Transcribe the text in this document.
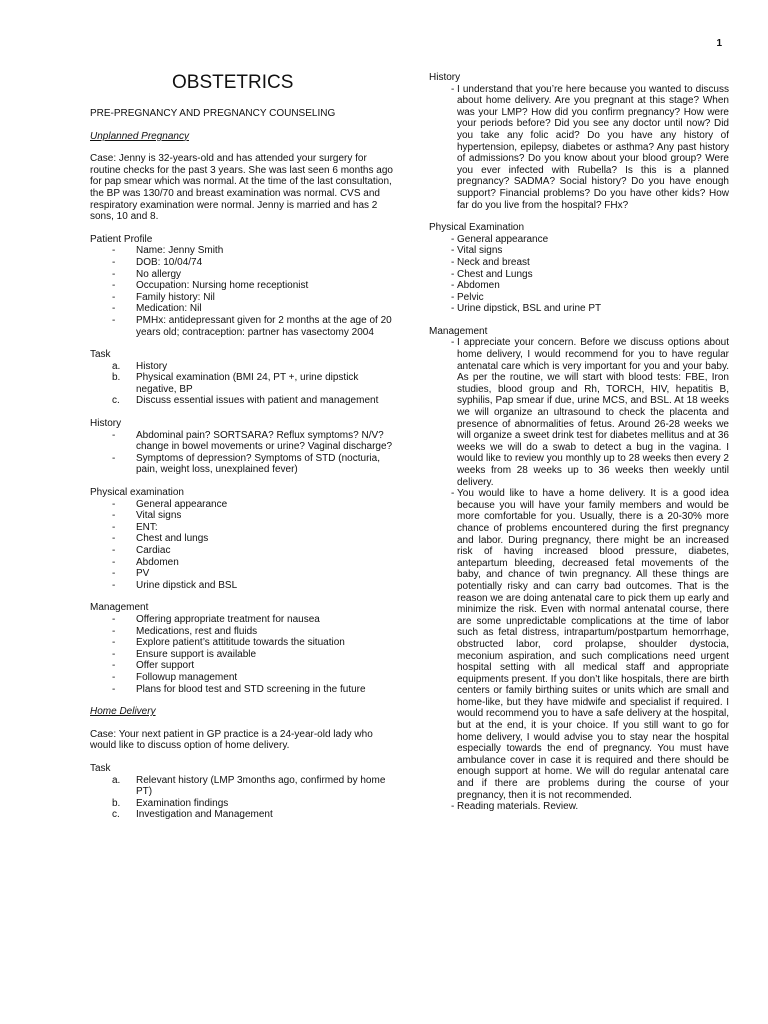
1
OBSTETRICS
PRE-PREGNANCY AND PREGNANCY COUNSELING
Unplanned Pregnancy

Case: Jenny is 32-years-old and has attended your surgery for routine checks for the past 3 years. She was last seen 6 months ago for pap smear which was normal. At the time of the last consultation, the BP was 130/70 and breast examination was normal. CVS and respiratory examination were normal. Jenny is married and has 2 sons, 10 and 8.

Patient Profile
- Name: Jenny Smith
- DOB: 10/04/74
- No allergy
- Occupation: Nursing home receptionist
- Family history: Nil
- Medication: Nil
- PMHx: antidepressant given for 2 months at the age of 20 years old; contraception: partner has vasectomy 2004
Task
a. History
b. Physical examination (BMI 24, PT +, urine dipstick negative, BP
c. Discuss essential issues with patient and management
History
- Abdominal pain? SORTSARA? Reflux symptoms? N/V? change in bowel movements or urine? Vaginal discharge?
- Symptoms of depression? Symptoms of STD (nocturia, pain, weight loss, unexplained fever)
Physical examination
- General appearance
- Vital signs
- ENT:
- Chest and lungs
- Cardiac
- Abdomen
- PV
- Urine dipstick and BSL
Management
- Offering appropriate treatment for nausea
- Medications, rest and fluids
- Explore patient’s attititude towards the situation
- Ensure support is available
- Offer support
- Followup management
- Plans for blood test and STD screening in the future
Home Delivery

Case: Your next patient in GP practice is a 24-year-old lady who would like to discuss option of home delivery.

Task
a. Relevant history (LMP 3months ago, confirmed by home PT)
b. Examination findings
c. Investigation and Management
History
- I understand that you’re here because you wanted to discuss about home delivery. Are you pregnant at this stage? When was your LMP? How did you confirm pregnancy? How were your periods before? Did you see any doctor until now? Did you take any folic acid? Do you have any history of hypertension, epilepsy, diabetes or asthma? Any past history of admissions? Do you know about your blood group? Were you ever infected with Rubella? Is this is a planned pregnancy? SADMA? Social history? Do you have enough support? Financial problems? Do you have other kids? How far do you live from the hospital? FHx?
Physical Examination
- General appearance
- Vital signs
- Neck and breast
- Chest and Lungs
- Abdomen
- Pelvic
- Urine dipstick, BSL and urine PT
Management
- I appreciate your concern. Before we discuss options about home delivery, I would recommend for you to have regular antenatal care which is very important for you and your baby. As per the routine, we will start with blood tests: FBE, Iron studies, blood group and Rh, TORCH, HIV, hepatitis B, syphilis, Pap smear if due, urine MCS, and BSL. At 18 weeks we will organize an ultrasound to check the placenta and presence of abnormalities of fetus. Around 26-28 weeks we will organize a sweet drink test for diabetes mellitus and at 36 weeks we will do a swab to detect a bug in the vagina. I would like to review you monthly up to 28 weeks then every 2 weeks from 28 weeks up to 36 weeks then weekly until delivery.
- You would like to have a home delivery. It is a good idea because you will have your family members and would be more comfortable for you. Usually, there is a 20-30% more chance of problems encountered during the first pregnancy and labor. During pregnancy, there might be an increased risk of having increased blood pressure, diabetes, antepartum bleeding, decreased fetal movements of the baby, and chance of twin pregnancy. All these things are potentially risky and can carry bad outcomes. That is the reason we are doing antenatal care to pick them up early and minimize the risk. Even with normal antenatal course, there are some unpredictable complications at the time of labor such as fetal distress, intrapartum/postpartum hemorrhage, obstructed labor, cord prolapse, shoulder dystocia, meconium aspiration, and such complications need urgent hospital setting with all medical staff and appropriate equipments present. If you don’t like hospitals, there are birth centers or family birthing suites or units which are small and home-like, but they have midwife and specialist if required. I would recommend you to have a safe delivery at the hospital, but at the end, it is your choice. If you still want to go for home delivery, I would advise you to stay near the hospital especially towards the end of pregnancy. You must have ambulance cover in case it is required and there should be enough support at home. We will do regular antenatal care and if there are problems during the course of your pregnancy, then it is not recommended.
- Reading materials. Review.
